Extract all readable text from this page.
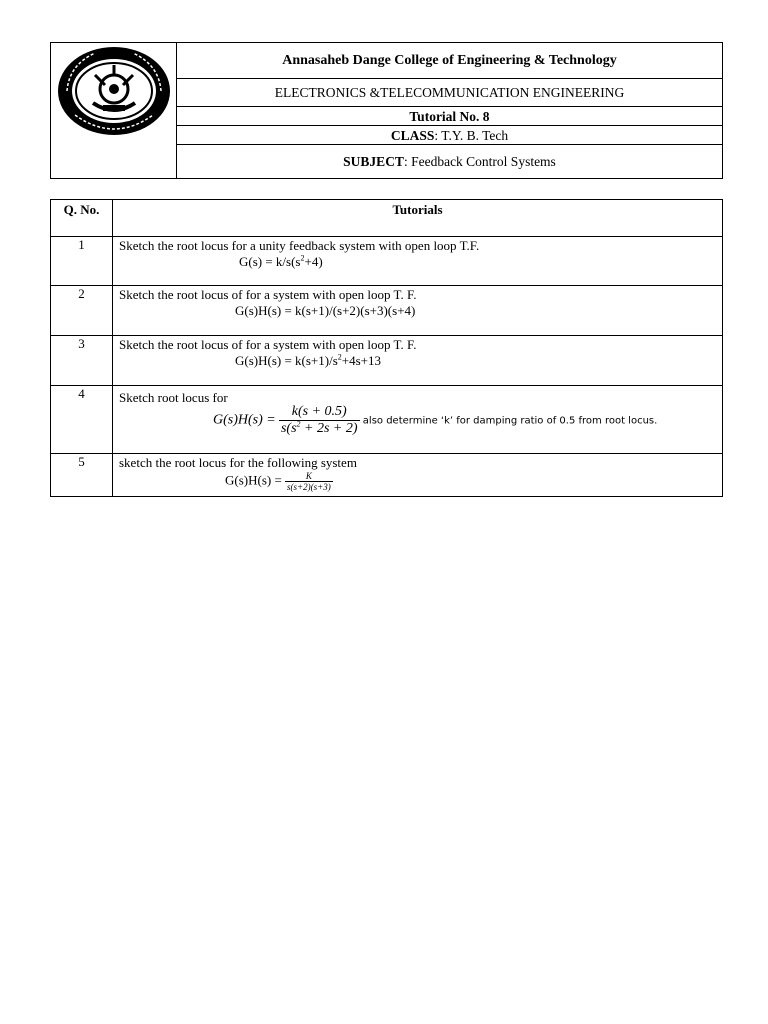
Annasaheb Dange College of Engineering & Technology
ELECTRONICS &TELECOMMUNICATION ENGINEERING
Tutorial No. 8
CLASS: T.Y. B. Tech
SUBJECT: Feedback Control Systems
Q. No.	Tutorials
1	Sketch the root locus for a unity feedback system with open loop T.F.
$G(s) = k/s(s^2+4)$

2	Sketch the root locus of for a system with open loop T. F.
G(s)H(s) = k(s+1)/(s+2)(s+3)(s+4)

3	Sketch the root locus of for a system with open loop T. F.
$G(s)H(s) = k(s+1)/s^2+4s+13$

4	Sketch root locus for
$G(s)H(s) = \frac{k(s + 0.5)}{s(s^2 + 2s + 2)}$ also determine ‘k’ for damping ratio of 0.5 from root locus.

5	sketch the root locus for the following system
$G(s)H(s) = \frac{K}{s(s+2)(s+3)}$
